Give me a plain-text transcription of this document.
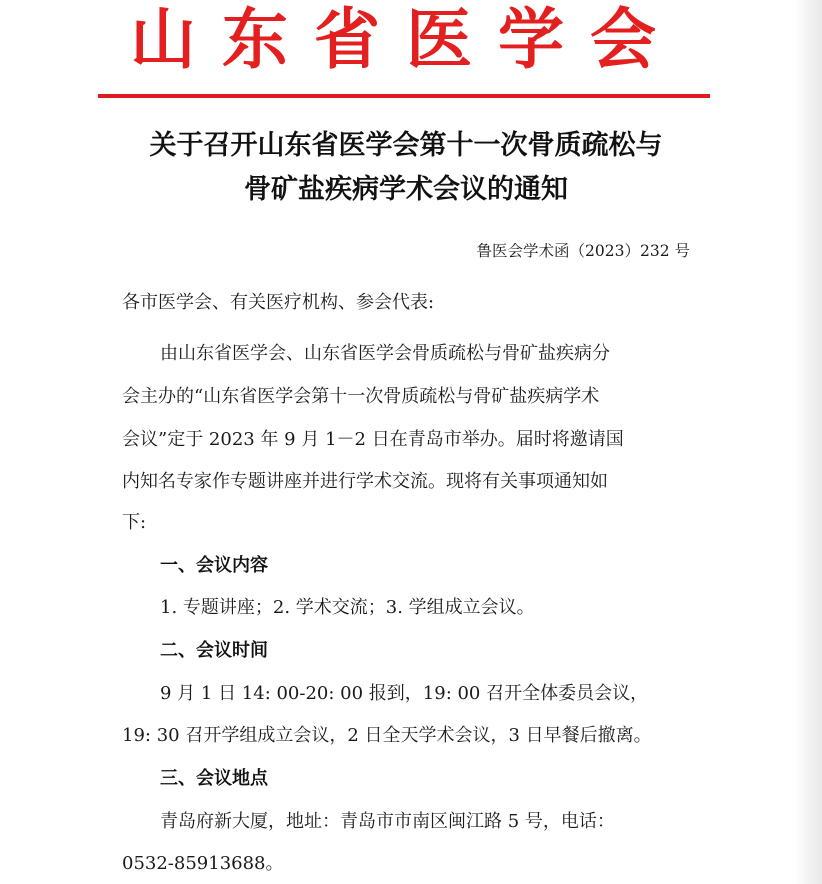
山东省医学会
关于召开山东省医学会第十一次骨质疏松与
骨矿盐疾病学术会议的通知
鲁医会学术函（2023）232 号
各市医学会、有关医疗机构、参会代表:
由山东省医学会、山东省医学会骨质疏松与骨矿盐疾病分
会主办的“山东省医学会第十一次骨质疏松与骨矿盐疾病学术
会议”定于 2023 年 9 月 1－2 日在青岛市举办。届时将邀请国
内知名专家作专题讲座并进行学术交流。现将有关事项通知如
下:
一、会议内容
1. 专题讲座；2. 学术交流；3. 学组成立会议。
二、会议时间
9 月 1 日 14: 00-20: 00 报到，19: 00 召开全体委员会议，
19: 30 召开学组成立会议，2 日全天学术会议，3 日早餐后撤离。
三、会议地点
青岛府新大厦，地址：青岛市市南区闽江路 5 号，电话：
0532-85913688。
